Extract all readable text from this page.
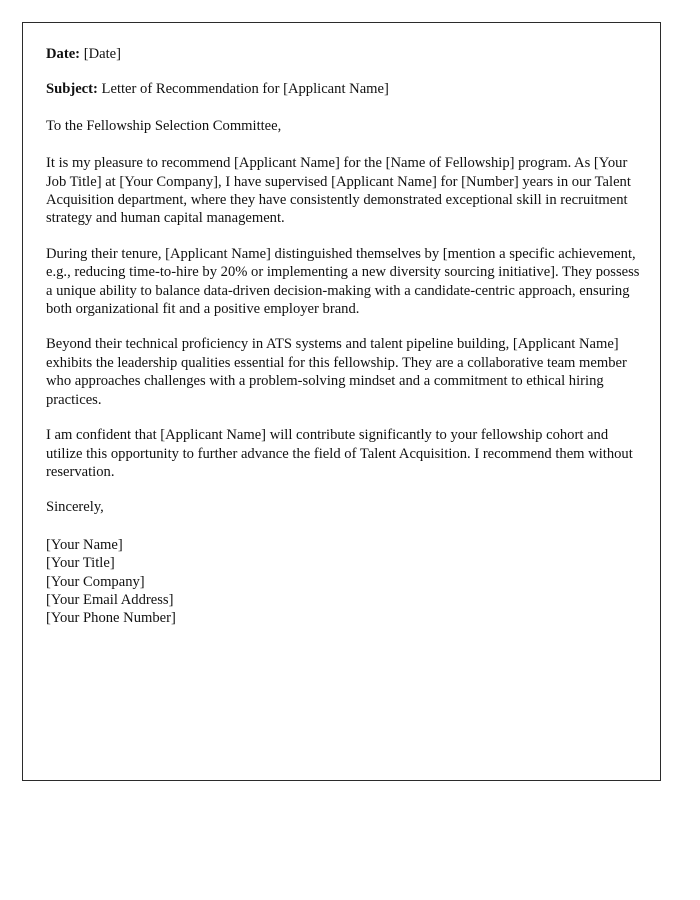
Date: [Date]

Subject: Letter of Recommendation for [Applicant Name]

To the Fellowship Selection Committee,

It is my pleasure to recommend [Applicant Name] for the [Name of Fellowship] program. As [Your Job Title] at [Your Company], I have supervised [Applicant Name] for [Number] years in our Talent Acquisition department, where they have consistently demonstrated exceptional skill in recruitment strategy and human capital management.

During their tenure, [Applicant Name] distinguished themselves by [mention a specific achievement, e.g., reducing time-to-hire by 20% or implementing a new diversity sourcing initiative]. They possess a unique ability to balance data-driven decision-making with a candidate-centric approach, ensuring both organizational fit and a positive employer brand.

Beyond their technical proficiency in ATS systems and talent pipeline building, [Applicant Name] exhibits the leadership qualities essential for this fellowship. They are a collaborative team member who approaches challenges with a problem-solving mindset and a commitment to ethical hiring practices.

I am confident that [Applicant Name] will contribute significantly to your fellowship cohort and utilize this opportunity to further advance the field of Talent Acquisition. I recommend them without reservation.

Sincerely,

[Your Name]
[Your Title]
[Your Company]
[Your Email Address]
[Your Phone Number]
